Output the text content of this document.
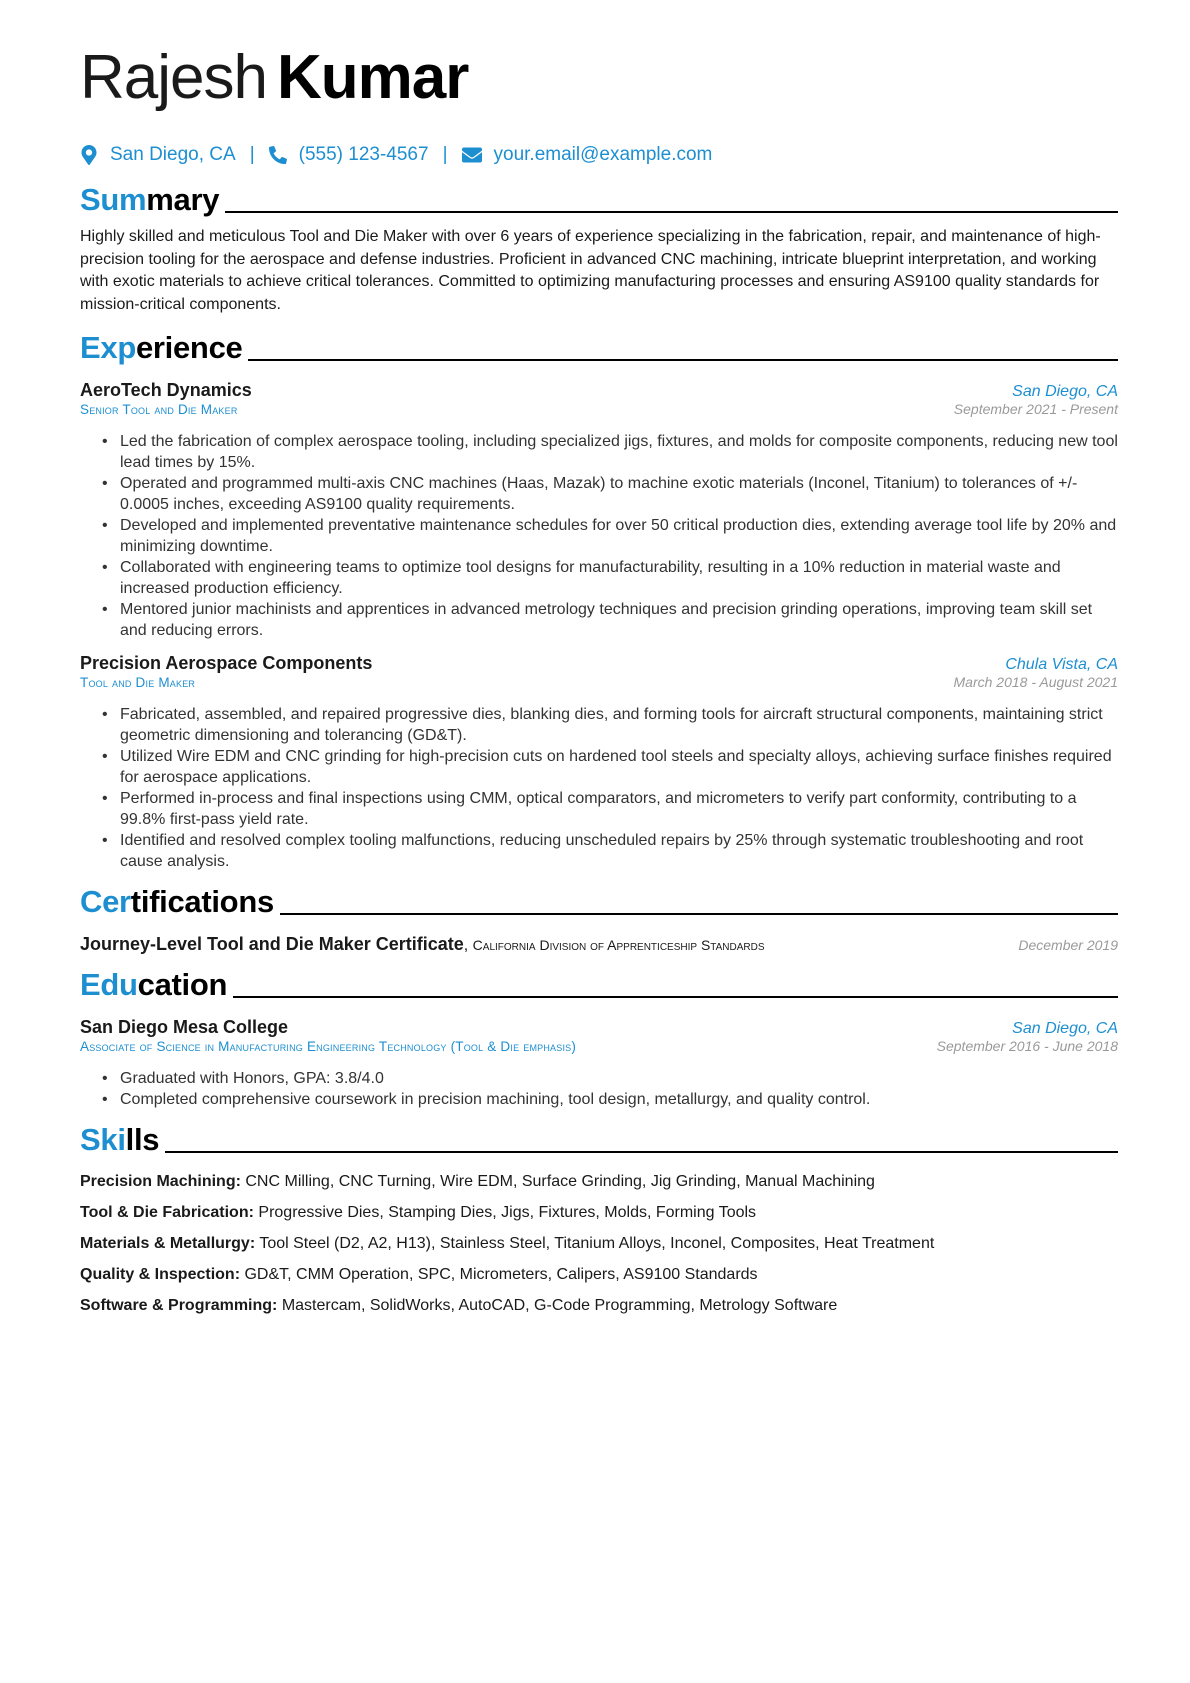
Rajesh Kumar
San Diego, CA | (555) 123-4567 | your.email@example.com
Summary

Highly skilled and meticulous Tool and Die Maker with over 6 years of experience specializing in the fabrication, repair, and maintenance of high-precision tooling for the aerospace and defense industries. Proficient in advanced CNC machining, intricate blueprint interpretation, and working with exotic materials to achieve critical tolerances. Committed to optimizing manufacturing processes and ensuring AS9100 quality standards for mission-critical components.

Experience
AeroTech Dynamics	San Diego, CA
Senior Tool and Die Maker	September 2021 - Present
• Led the fabrication of complex aerospace tooling, including specialized jigs, fixtures, and molds for composite components, reducing new tool lead times by 15%.
• Operated and programmed multi-axis CNC machines (Haas, Mazak) to machine exotic materials (Inconel, Titanium) to tolerances of +/- 0.0005 inches, exceeding AS9100 quality requirements.
• Developed and implemented preventative maintenance schedules for over 50 critical production dies, extending average tool life by 20% and minimizing downtime.
• Collaborated with engineering teams to optimize tool designs for manufacturability, resulting in a 10% reduction in material waste and increased production efficiency.
• Mentored junior machinists and apprentices in advanced metrology techniques and precision grinding operations, improving team skill set and reducing errors.
Precision Aerospace Components	Chula Vista, CA
Tool and Die Maker	March 2018 - August 2021
• Fabricated, assembled, and repaired progressive dies, blanking dies, and forming tools for aircraft structural components, maintaining strict geometric dimensioning and tolerancing (GD&T).
• Utilized Wire EDM and CNC grinding for high-precision cuts on hardened tool steels and specialty alloys, achieving surface finishes required for aerospace applications.
• Performed in-process and final inspections using CMM, optical comparators, and micrometers to verify part conformity, contributing to a 99.8% first-pass yield rate.
• Identified and resolved complex tooling malfunctions, reducing unscheduled repairs by 25% through systematic troubleshooting and root cause analysis.
Certifications
Journey-Level Tool and Die Maker Certificate, California Division of Apprenticeship Standards	December 2019
Education
San Diego Mesa College	San Diego, CA
Associate of Science in Manufacturing Engineering Technology (Tool & Die emphasis)	September 2016 - June 2018
• Graduated with Honors, GPA: 3.8/4.0
• Completed comprehensive coursework in precision machining, tool design, metallurgy, and quality control.
Skills
Precision Machining: CNC Milling, CNC Turning, Wire EDM, Surface Grinding, Jig Grinding, Manual Machining
Tool & Die Fabrication: Progressive Dies, Stamping Dies, Jigs, Fixtures, Molds, Forming Tools
Materials & Metallurgy: Tool Steel (D2, A2, H13), Stainless Steel, Titanium Alloys, Inconel, Composites, Heat Treatment
Quality & Inspection: GD&T, CMM Operation, SPC, Micrometers, Calipers, AS9100 Standards
Software & Programming: Mastercam, SolidWorks, AutoCAD, G-Code Programming, Metrology Software
